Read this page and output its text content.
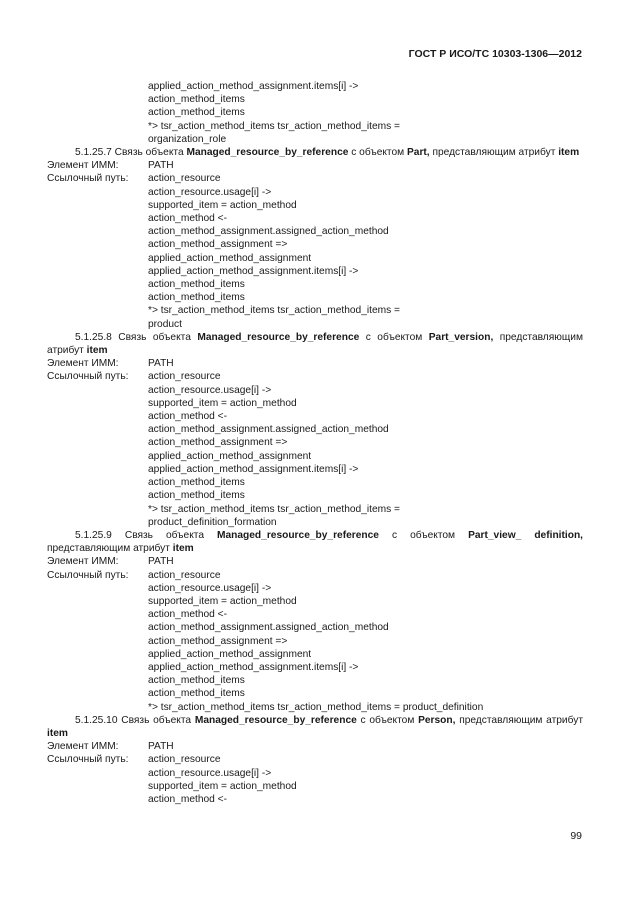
ГОСТ Р ИСО/ТС 10303-1306—2012
applied_action_method_assignment.items[i] ->
action_method_items
action_method_items
*> tsr_action_method_items tsr_action_method_items =
organization_role
5.1.25.7 Связь объекта Managed_resource_by_reference с объектом Part, представляющим атрибут item
Элемент ИММ:	PATH
Ссылочный путь:	action_resource
action_resource.usage[i] ->
supported_item = action_method
action_method <-
action_method_assignment.assigned_action_method
action_method_assignment =>
applied_action_method_assignment
applied_action_method_assignment.items[i] ->
action_method_items
action_method_items
*> tsr_action_method_items tsr_action_method_items =
product
5.1.25.8 Связь объекта Managed_resource_by_reference с объектом Part_version, представляющим атрибут item
Элемент ИММ:	PATH
Ссылочный путь:	action_resource
action_resource.usage[i] ->
supported_item = action_method
action_method <-
action_method_assignment.assigned_action_method
action_method_assignment =>
applied_action_method_assignment
applied_action_method_assignment.items[i] ->
action_method_items
action_method_items
*> tsr_action_method_items tsr_action_method_items =
product_definition_formation
5.1.25.9 Связь объекта Managed_resource_by_reference с объектом Part_view_ definition, представляющим атрибут item
Элемент ИММ:	PATH
Ссылочный путь:	action_resource
action_resource.usage[i] ->
supported_item = action_method
action_method <-
action_method_assignment.assigned_action_method
action_method_assignment =>
applied_action_method_assignment
applied_action_method_assignment.items[i] ->
action_method_items
action_method_items
*> tsr_action_method_items tsr_action_method_items = product_definition
5.1.25.10 Связь объекта Managed_resource_by_reference с объектом Person, представляющим атрибут item
Элемент ИММ:	PATH
Ссылочный путь:	action_resource
action_resource.usage[i] ->
supported_item = action_method
action_method <-
99
